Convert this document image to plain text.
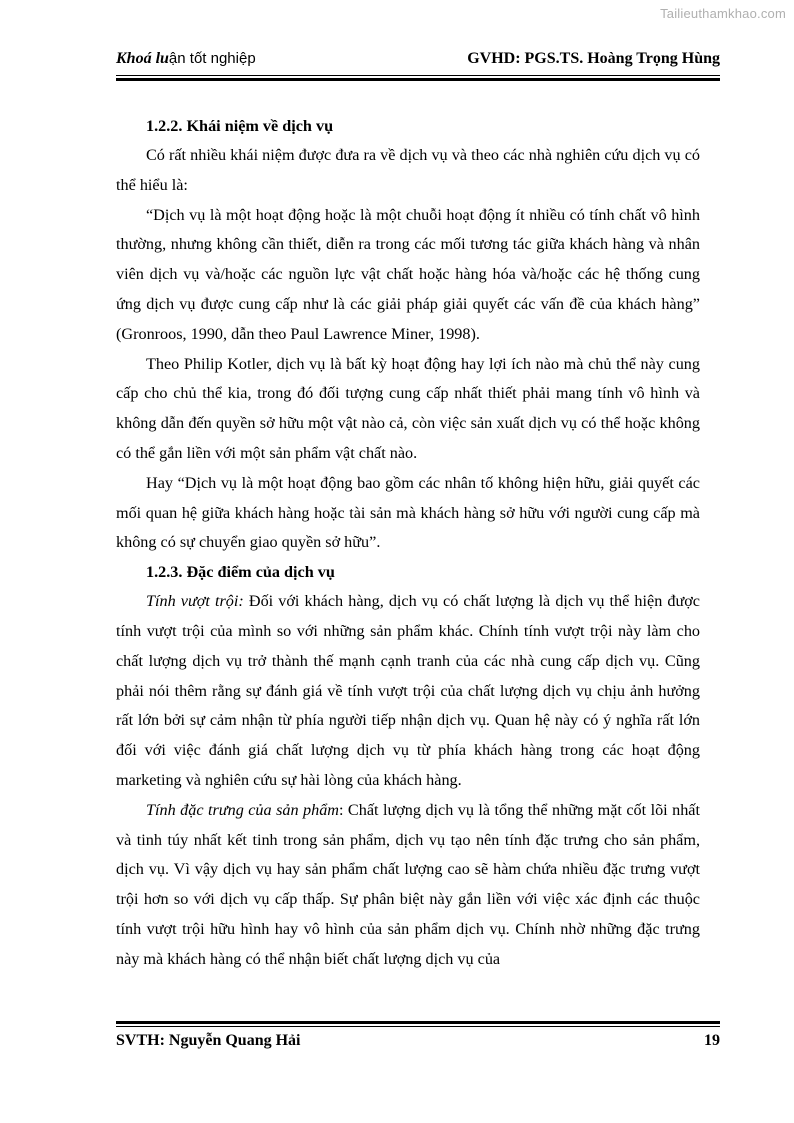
Tailieuthamkhao.com
Khoá luận tốt nghiệp	GVHD: PGS.TS. Hoàng Trọng Hùng
1.2.2. Khái niệm về dịch vụ

Có rất nhiều khái niệm được đưa ra về dịch vụ và theo các nhà nghiên cứu dịch vụ có thể hiểu là:

“Dịch vụ là một hoạt động hoặc là một chuỗi hoạt động ít nhiều có tính chất vô hình thường, nhưng không cần thiết, diễn ra trong các mối tương tác giữa khách hàng và nhân viên dịch vụ và/hoặc các nguồn lực vật chất hoặc hàng hóa và/hoặc các hệ thống cung ứng dịch vụ được cung cấp như là các giải pháp giải quyết các vấn đề của khách hàng” (Gronroos, 1990, dẫn theo Paul Lawrence Miner, 1998).

Theo Philip Kotler, dịch vụ là bất kỳ hoạt động hay lợi ích nào mà chủ thể này cung cấp cho chủ thể kia, trong đó đối tượng cung cấp nhất thiết phải mang tính vô hình và không dẫn đến quyền sở hữu một vật nào cả, còn việc sản xuất dịch vụ có thể hoặc không có thể gắn liền với một sản phẩm vật chất nào.

Hay “Dịch vụ là một hoạt động bao gồm các nhân tố không hiện hữu, giải quyết các mối quan hệ giữa khách hàng hoặc tài sản mà khách hàng sở hữu với người cung cấp mà không có sự chuyển giao quyền sở hữu”.

1.2.3. Đặc điểm của dịch vụ

Tính vượt trội: Đối với khách hàng, dịch vụ có chất lượng là dịch vụ thể hiện được tính vượt trội của mình so với những sản phẩm khác. Chính tính vượt trội này làm cho chất lượng dịch vụ trở thành thế mạnh cạnh tranh của các nhà cung cấp dịch vụ. Cũng phải nói thêm rằng sự đánh giá về tính vượt trội của chất lượng dịch vụ chịu ảnh hưởng rất lớn bởi sự cảm nhận từ phía người tiếp nhận dịch vụ. Quan hệ này có ý nghĩa rất lớn đối với việc đánh giá chất lượng dịch vụ từ phía khách hàng trong các hoạt động marketing và nghiên cứu sự hài lòng của khách hàng.

Tính đặc trưng của sản phẩm: Chất lượng dịch vụ là tổng thể những mặt cốt lõi nhất và tinh túy nhất kết tinh trong sản phẩm, dịch vụ tạo nên tính đặc trưng cho sản phẩm, dịch vụ. Vì vậy dịch vụ hay sản phẩm chất lượng cao sẽ hàm chứa nhiều đặc trưng vượt trội hơn so với dịch vụ cấp thấp. Sự phân biệt này gắn liền với việc xác định các thuộc tính vượt trội hữu hình hay vô hình của sản phẩm dịch vụ. Chính nhờ những đặc trưng này mà khách hàng có thể nhận biết chất lượng dịch vụ của

SVTH: Nguyễn Quang Hải	19
